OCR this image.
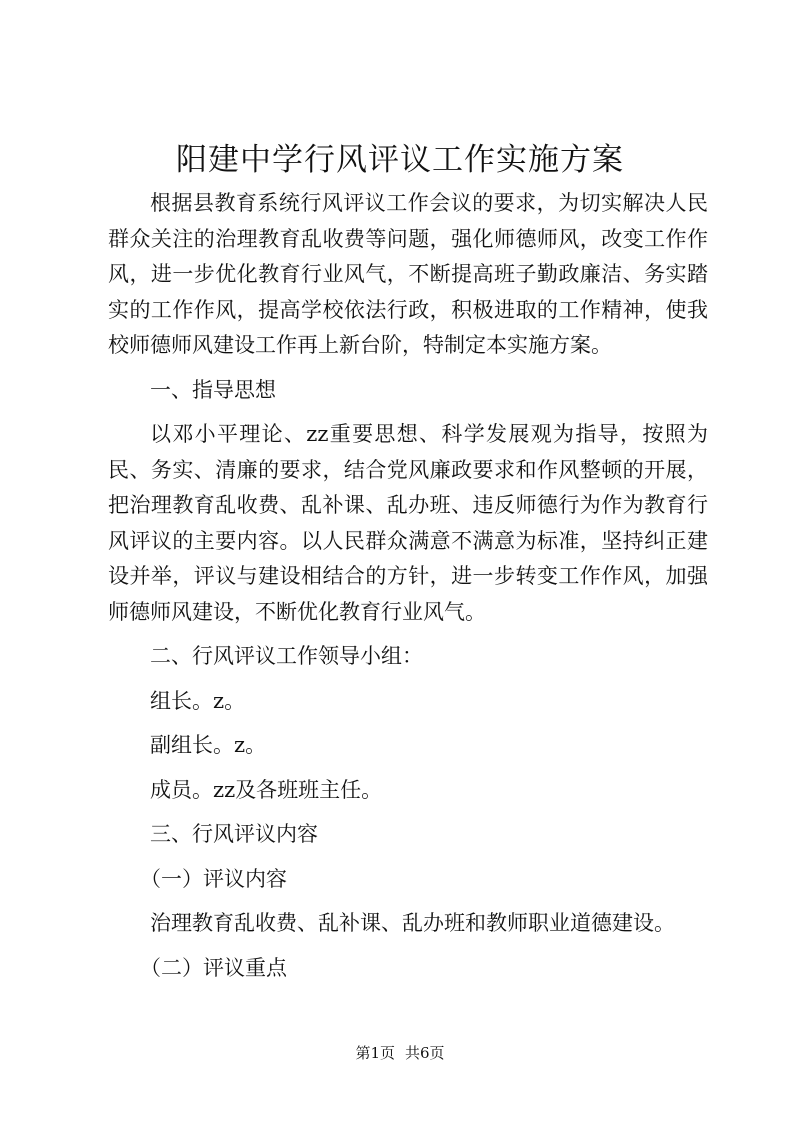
阳建中学行风评议工作实施方案

根据县教育系统行风评议工作会议的要求，为切实解决人民群众关注的治理教育乱收费等问题，强化师德师风，改变工作作风，进一步优化教育行业风气，不断提高班子勤政廉洁、务实踏实的工作作风，提高学校依法行政，积极进取的工作精神，使我校师德师风建设工作再上新台阶，特制定本实施方案。

一、指导思想

以邓小平理论、zz重要思想、科学发展观为指导，按照为民、务实、清廉的要求，结合党风廉政要求和作风整顿的开展，把治理教育乱收费、乱补课、乱办班、违反师德行为作为教育行风评议的主要内容。以人民群众满意不满意为标准，坚持纠正建设并举，评议与建设相结合的方针，进一步转变工作作风，加强师德师风建设，不断优化教育行业风气。

二、行风评议工作领导小组：

组长。z。

副组长。z。

成员。zz及各班班主任。

三、行风评议内容

（一）评议内容

治理教育乱收费、乱补课、乱办班和教师职业道德建设。

（二）评议重点

第1页 共6页
